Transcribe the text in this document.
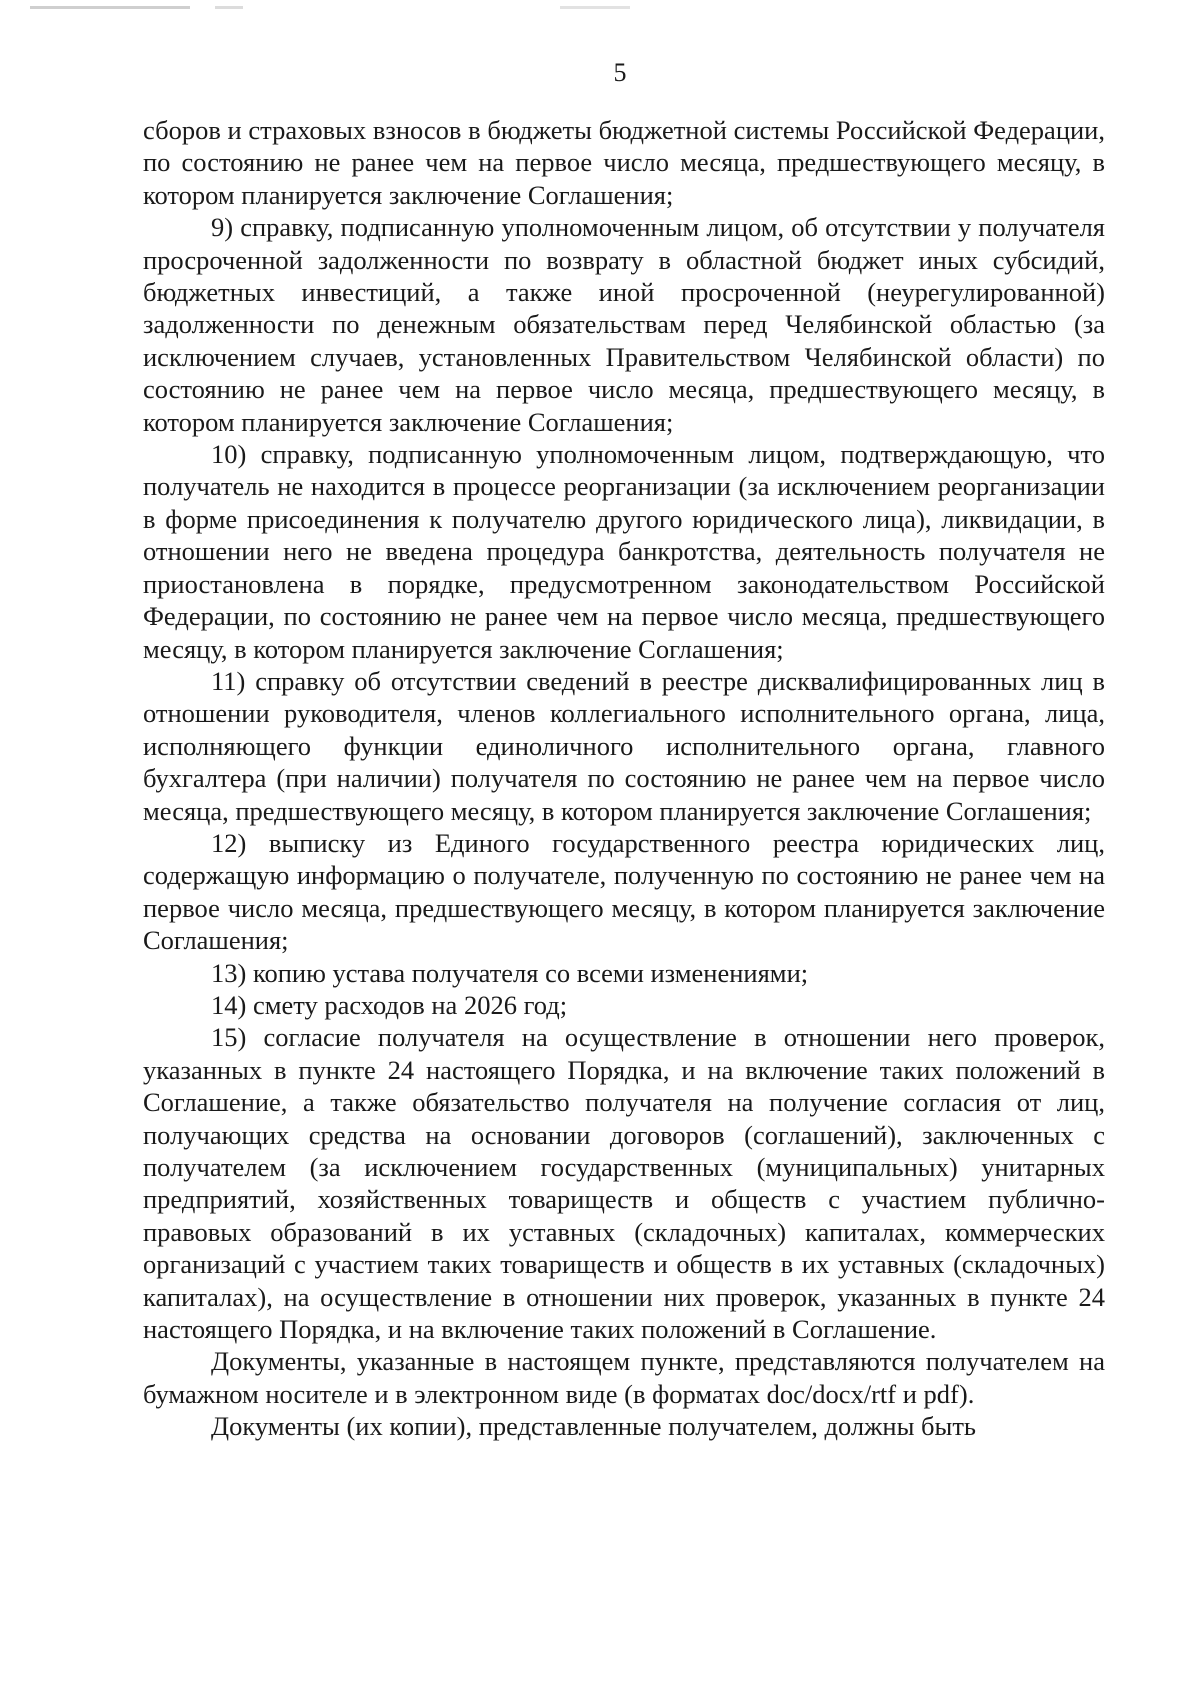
5

сборов и страховых взносов в бюджеты бюджетной системы Российской Федерации, по состоянию не ранее чем на первое число месяца, предшествующего месяцу, в котором планируется заключение Соглашения;

9) справку, подписанную уполномоченным лицом, об отсутствии у получателя просроченной задолженности по возврату в областной бюджет иных субсидий, бюджетных инвестиций, а также иной просроченной (неурегулированной) задолженности по денежным обязательствам перед Челябинской областью (за исключением случаев, установленных Правительством Челябинской области) по состоянию не ранее чем на первое число месяца, предшествующего месяцу, в котором планируется заключение Соглашения;

10) справку, подписанную уполномоченным лицом, подтверждающую, что получатель не находится в процессе реорганизации (за исключением реорганизации в форме присоединения к получателю другого юридического лица), ликвидации, в отношении него не введена процедура банкротства, деятельность получателя не приостановлена в порядке, предусмотренном законодательством Российской Федерации, по состоянию не ранее чем на первое число месяца, предшествующего месяцу, в котором планируется заключение Соглашения;

11) справку об отсутствии сведений в реестре дисквалифицированных лиц в отношении руководителя, членов коллегиального исполнительного органа, лица, исполняющего функции единоличного исполнительного органа, главного бухгалтера (при наличии) получателя по состоянию не ранее чем на первое число месяца, предшествующего месяцу, в котором планируется заключение Соглашения;

12) выписку из Единого государственного реестра юридических лиц, содержащую информацию о получателе, полученную по состоянию не ранее чем на первое число месяца, предшествующего месяцу, в котором планируется заключение Соглашения;

13) копию устава получателя со всеми изменениями;

14) смету расходов на 2026 год;

15) согласие получателя на осуществление в отношении него проверок, указанных в пункте 24 настоящего Порядка, и на включение таких положений в Соглашение, а также обязательство получателя на получение согласия от лиц, получающих средства на основании договоров (соглашений), заключенных с получателем (за исключением государственных (муниципальных) унитарных предприятий, хозяйственных товариществ и обществ с участием публично-правовых образований в их уставных (складочных) капиталах, коммерческих организаций с участием таких товариществ и обществ в их уставных (складочных) капиталах), на осуществление в отношении них проверок, указанных в пункте 24 настоящего Порядка, и на включение таких положений в Соглашение.

Документы, указанные в настоящем пункте, представляются получателем на бумажном носителе и в электронном виде (в форматах doc/docx/rtf и pdf).

Документы (их копии), представленные получателем, должны быть
